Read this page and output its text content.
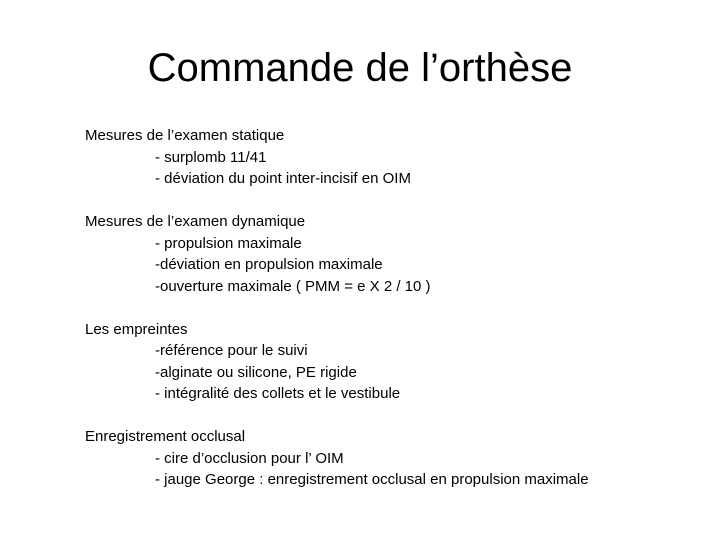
Commande de l’orthèse
Mesures de l’examen statique
- surplomb 11/41
- déviation du point inter-incisif en OIM
Mesures de l’examen dynamique
- propulsion maximale
-déviation en propulsion maximale
-ouverture maximale ( PMM = e X 2 / 10 )
Les empreintes
-référence pour le suivi
-alginate ou silicone, PE rigide
- intégralité des collets et le vestibule
Enregistrement occlusal
- cire d’occlusion pour l’ OIM
- jauge George : enregistrement occlusal en propulsion maximale
